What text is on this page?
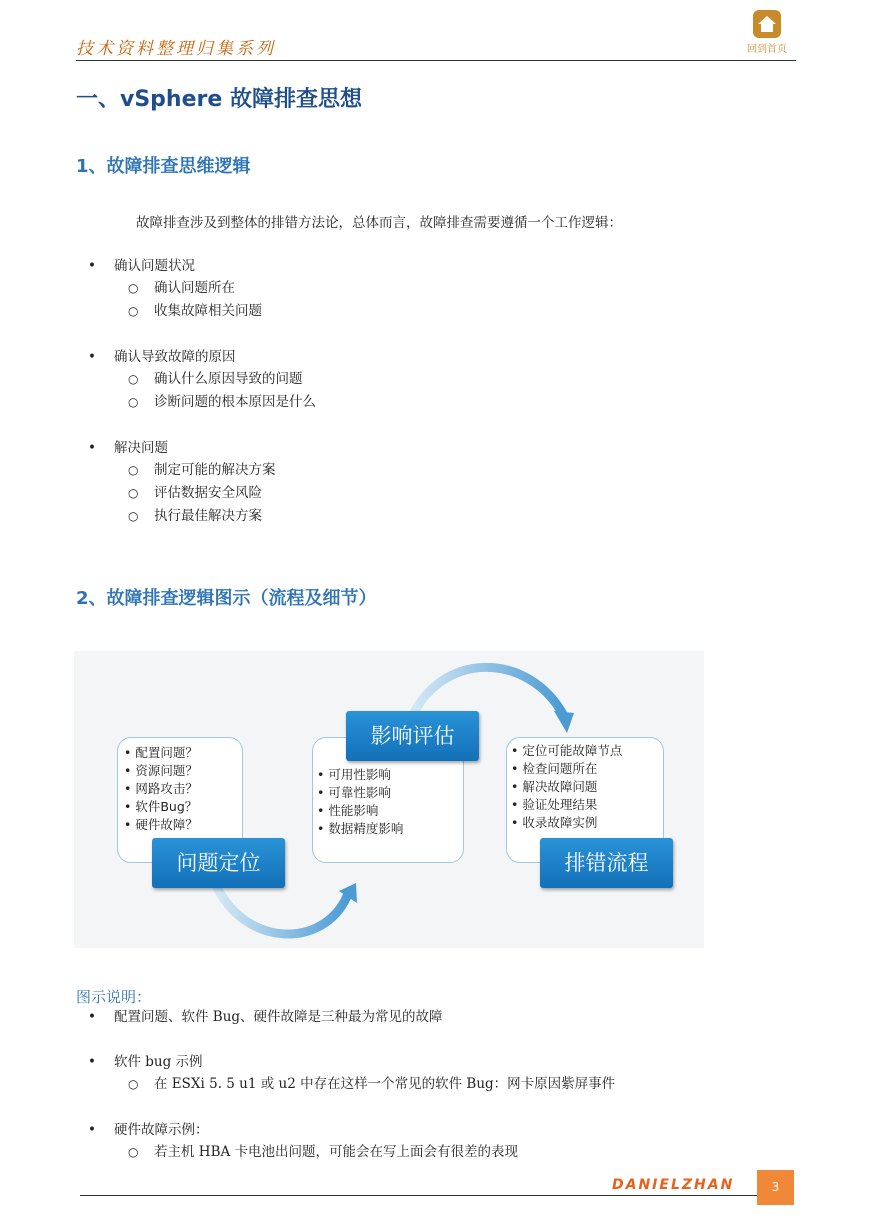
技术资料整理归集系列	回到首页
一、vSphere 故障排查思想
1、故障排查思维逻辑
故障排查涉及到整体的排错方法论，总体而言，故障排查需要遵循一个工作逻辑：
• 确认问题状况
○ 确认问题所在
○ 收集故障相关问题
• 确认导致故障的原因
○ 确认什么原因导致的问题
○ 诊断问题的根本原因是什么
• 解决问题
○ 制定可能的解决方案
○ 评估数据安全风险
○ 执行最佳解决方案
2、故障排查逻辑图示（流程及细节）
• 配置问题？
• 资源问题？
• 网路攻击？
• 软件Bug？
• 硬件故障？
问题定位
• 可用性影响
• 可靠性影响
• 性能影响
• 数据精度影响
影响评估
• 定位可能故障节点
• 检查问题所在
• 解决故障问题
• 验证处理结果
• 收录故障实例
排错流程
图示说明：
• 配置问题、软件 Bug、硬件故障是三种最为常见的故障
• 软件 bug 示例
○ 在 ESXi 5. 5 u1 或 u2 中存在这样一个常见的软件 Bug：网卡原因紫屏事件
• 硬件故障示例：
○ 若主机 HBA 卡电池出问题，可能会在写上面会有很差的表现
DANIELZHAN	3
